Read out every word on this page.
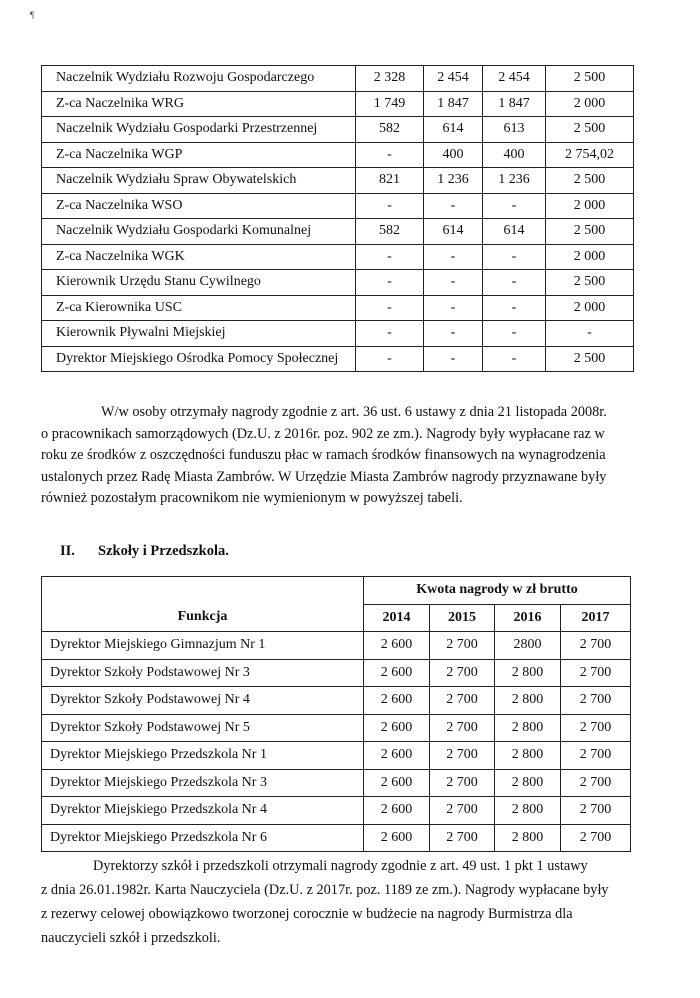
¶
Naczelnik Wydziału Rozwoju Gospodarczego	2 328	2 454	2 454	2 500
Z-ca Naczelnika WRG	1 749	1 847	1 847	2 000
Naczelnik Wydziału Gospodarki Przestrzennej	582	614	613	2 500
Z-ca Naczelnika WGP	-	400	400	2 754,02
Naczelnik Wydziału Spraw Obywatelskich	821	1 236	1 236	2 500
Z-ca Naczelnika WSO	-	-	-	2 000
Naczelnik Wydziału Gospodarki Komunalnej	582	614	614	2 500
Z-ca Naczelnika WGK	-	-	-	2 000
Kierownik Urzędu Stanu Cywilnego	-	-	-	2 500
Z-ca Kierownika USC	-	-	-	2 000
Kierownik Pływalni Miejskiej	-	-	-	-
Dyrektor Miejskiego Ośrodka Pomocy Społecznej	-	-	-	2 500
W/w osoby otrzymały nagrody zgodnie z art. 36 ust. 6 ustawy z dnia 21 listopada 2008r.
o pracownikach samorządowych (Dz.U. z 2016r. poz. 902 ze zm.). Nagrody były wypłacane raz w
roku ze środków z oszczędności funduszu płac w ramach środków finansowych na wynagrodzenia
ustalonych przez Radę Miasta Zambrów. W Urzędzie Miasta Zambrów nagrody przyznawane były
również pozostałym pracownikom nie wymienionym w powyższej tabeli.

II. Szkoły i Przedszkola.

Funkcja	Kwota nagrody w zł brutto			
	2014	2015	2016	2017
Dyrektor Miejskiego Gimnazjum Nr 1	2 600	2 700	2800	2 700
Dyrektor Szkoły Podstawowej Nr 3	2 600	2 700	2 800	2 700
Dyrektor Szkoły Podstawowej Nr 4	2 600	2 700	2 800	2 700
Dyrektor Szkoły Podstawowej Nr 5	2 600	2 700	2 800	2 700
Dyrektor Miejskiego Przedszkola Nr 1	2 600	2 700	2 800	2 700
Dyrektor Miejskiego Przedszkola Nr 3	2 600	2 700	2 800	2 700
Dyrektor Miejskiego Przedszkola Nr 4	2 600	2 700	2 800	2 700
Dyrektor Miejskiego Przedszkola Nr 6	2 600	2 700	2 800	2 700
Dyrektorzy szkół i przedszkoli otrzymali nagrody zgodnie z art. 49 ust. 1 pkt 1 ustawy
z dnia 26.01.1982r. Karta Nauczyciela (Dz.U. z 2017r. poz. 1189 ze zm.). Nagrody wypłacane były
z rezerwy celowej obowiązkowo tworzonej corocznie w budżecie na nagrody Burmistrza dla
nauczycieli szkół i przedszkoli.
